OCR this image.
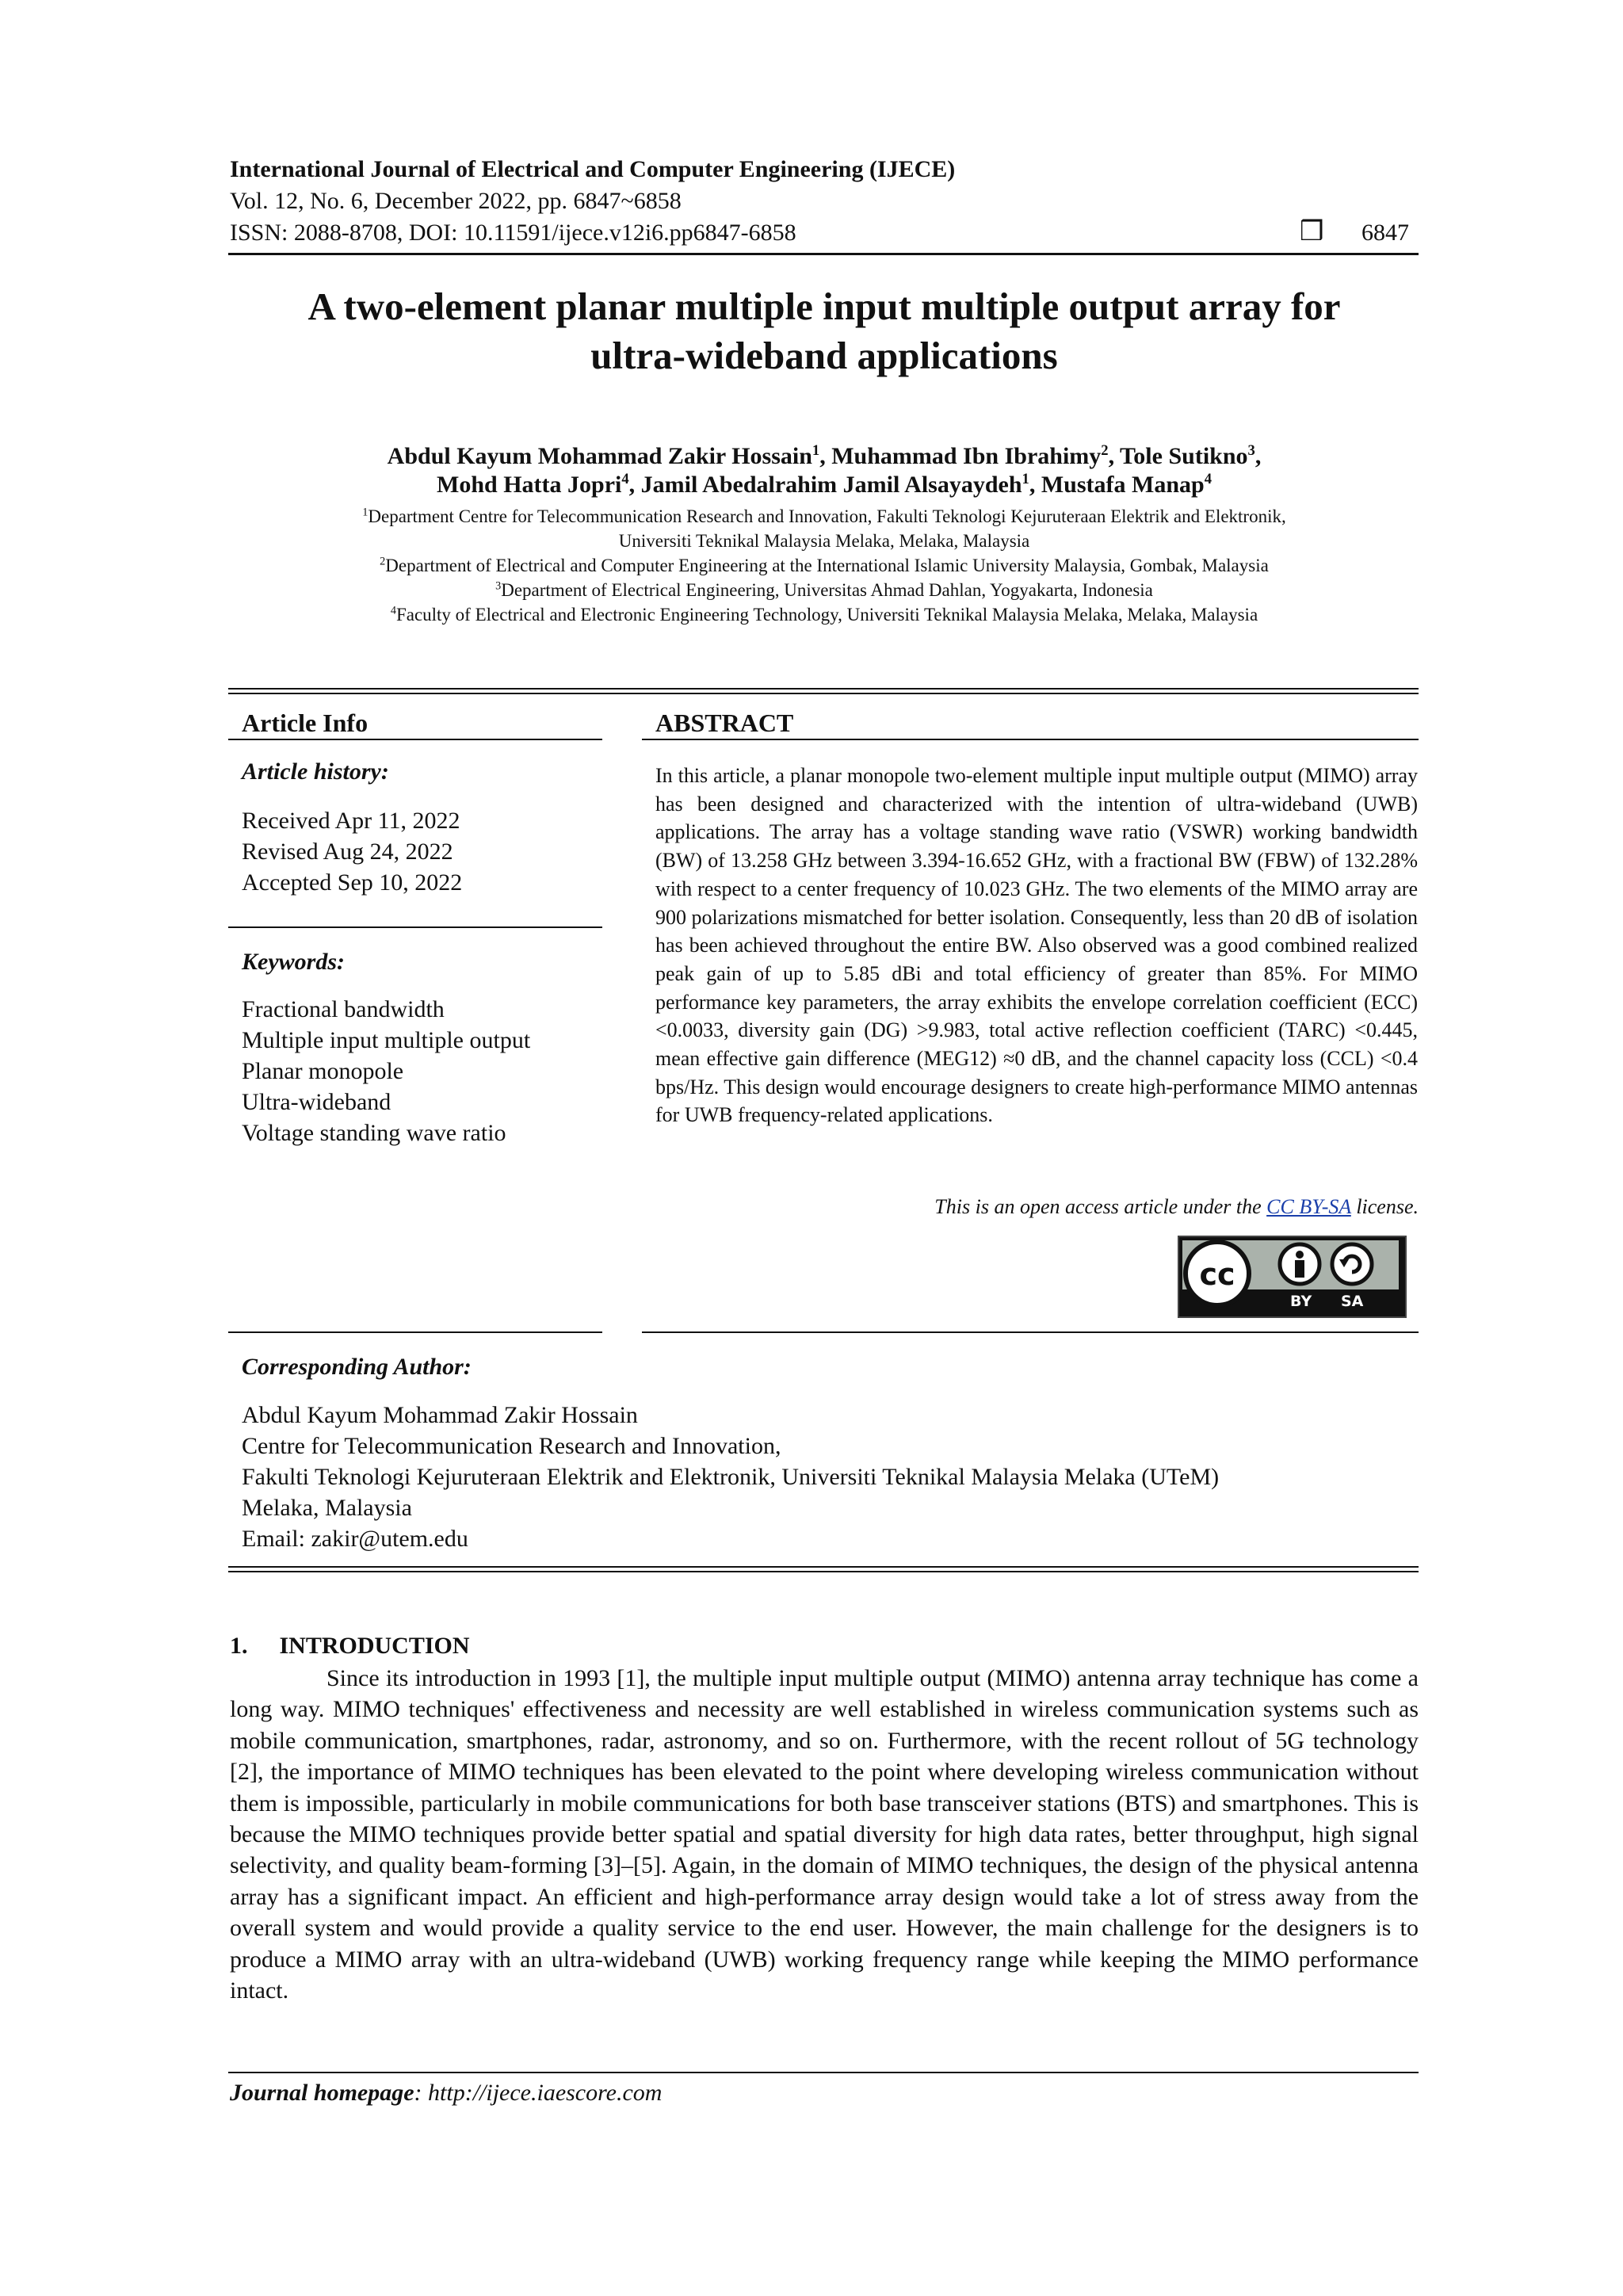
International Journal of Electrical and Computer Engineering (IJECE)
Vol. 12, No. 6, December 2022, pp. 6847~6858
ISSN: 2088-8708, DOI: 10.11591/ijece.v12i6.pp6847-6858	❒ 6847
A two-element planar multiple input multiple output array for
ultra-wideband applications
Abdul Kayum Mohammad Zakir Hossain$^1$, Muhammad Ibn Ibrahimy$^2$, Tole Sutikno$^3$,
Mohd Hatta Jopri$^4$, Jamil Abedalrahim Jamil Alsayaydeh$^1$, Mustafa Manap$^4$
$^1$Department Centre for Telecommunication Research and Innovation, Fakulti Teknologi Kejuruteraan Elektrik and Elektronik,
Universiti Teknikal Malaysia Melaka, Melaka, Malaysia
$^2$Department of Electrical and Computer Engineering at the International Islamic University Malaysia, Gombak, Malaysia
$^3$Department of Electrical Engineering, Universitas Ahmad Dahlan, Yogyakarta, Indonesia
$^4$Faculty of Electrical and Electronic Engineering Technology, Universiti Teknikal Malaysia Melaka, Melaka, Malaysia
Article Info
Article history:
Received Apr 11, 2022
Revised Aug 24, 2022
Accepted Sep 10, 2022
Keywords:
Fractional bandwidth
Multiple input multiple output
Planar monopole
Ultra-wideband
Voltage standing wave ratio
ABSTRACT
In this article, a planar monopole two-element multiple input multiple output (MIMO) array has been designed and characterized with the intention of ultra-wideband (UWB) applications. The array has a voltage standing wave ratio (VSWR) working bandwidth (BW) of 13.258 GHz between 3.394-16.652 GHz, with a fractional BW (FBW) of 132.28% with respect to a center frequency of 10.023 GHz. The two elements of the MIMO array are 900 polarizations mismatched for better isolation. Consequently, less than 20 dB of isolation has been achieved throughout the entire BW. Also observed was a good combined realized peak gain of up to 5.85 dBi and total efficiency of greater than 85%. For MIMO performance key parameters, the array exhibits the envelope correlation coefficient (ECC) <0.0033, diversity gain (DG) >9.983, total active reflection coefficient (TARC) <0.445, mean effective gain difference (MEG12) ≈0 dB, and the channel capacity loss (CCL) <0.4 bps/Hz. This design would encourage designers to create high-performance MIMO antennas for UWB frequency-related applications.
This is an open access article under the CC BY-SA license.
cc
BY SA
Corresponding Author:
Abdul Kayum Mohammad Zakir Hossain
Centre for Telecommunication Research and Innovation,
Fakulti Teknologi Kejuruteraan Elektrik and Elektronik, Universiti Teknikal Malaysia Melaka (UTeM)
Melaka, Malaysia
Email: zakir@utem.edu
1. INTRODUCTION
Since its introduction in 1993 [1], the multiple input multiple output (MIMO) antenna array technique has come a long way. MIMO techniques' effectiveness and necessity are well established in wireless communication systems such as mobile communication, smartphones, radar, astronomy, and so on. Furthermore, with the recent rollout of 5G technology [2], the importance of MIMO techniques has been elevated to the point where developing wireless communication without them is impossible, particularly in mobile communications for both base transceiver stations (BTS) and smartphones. This is because the MIMO techniques provide better spatial and spatial diversity for high data rates, better throughput, high signal selectivity, and quality beam-forming [3]–[5]. Again, in the domain of MIMO techniques, the design of the physical antenna array has a significant impact. An efficient and high-performance array design would take a lot of stress away from the overall system and would provide a quality service to the end user. However, the main challenge for the designers is to produce a MIMO array with an ultra-wideband (UWB) working frequency range while keeping the MIMO performance intact.
Journal homepage: http://ijece.iaescore.com
